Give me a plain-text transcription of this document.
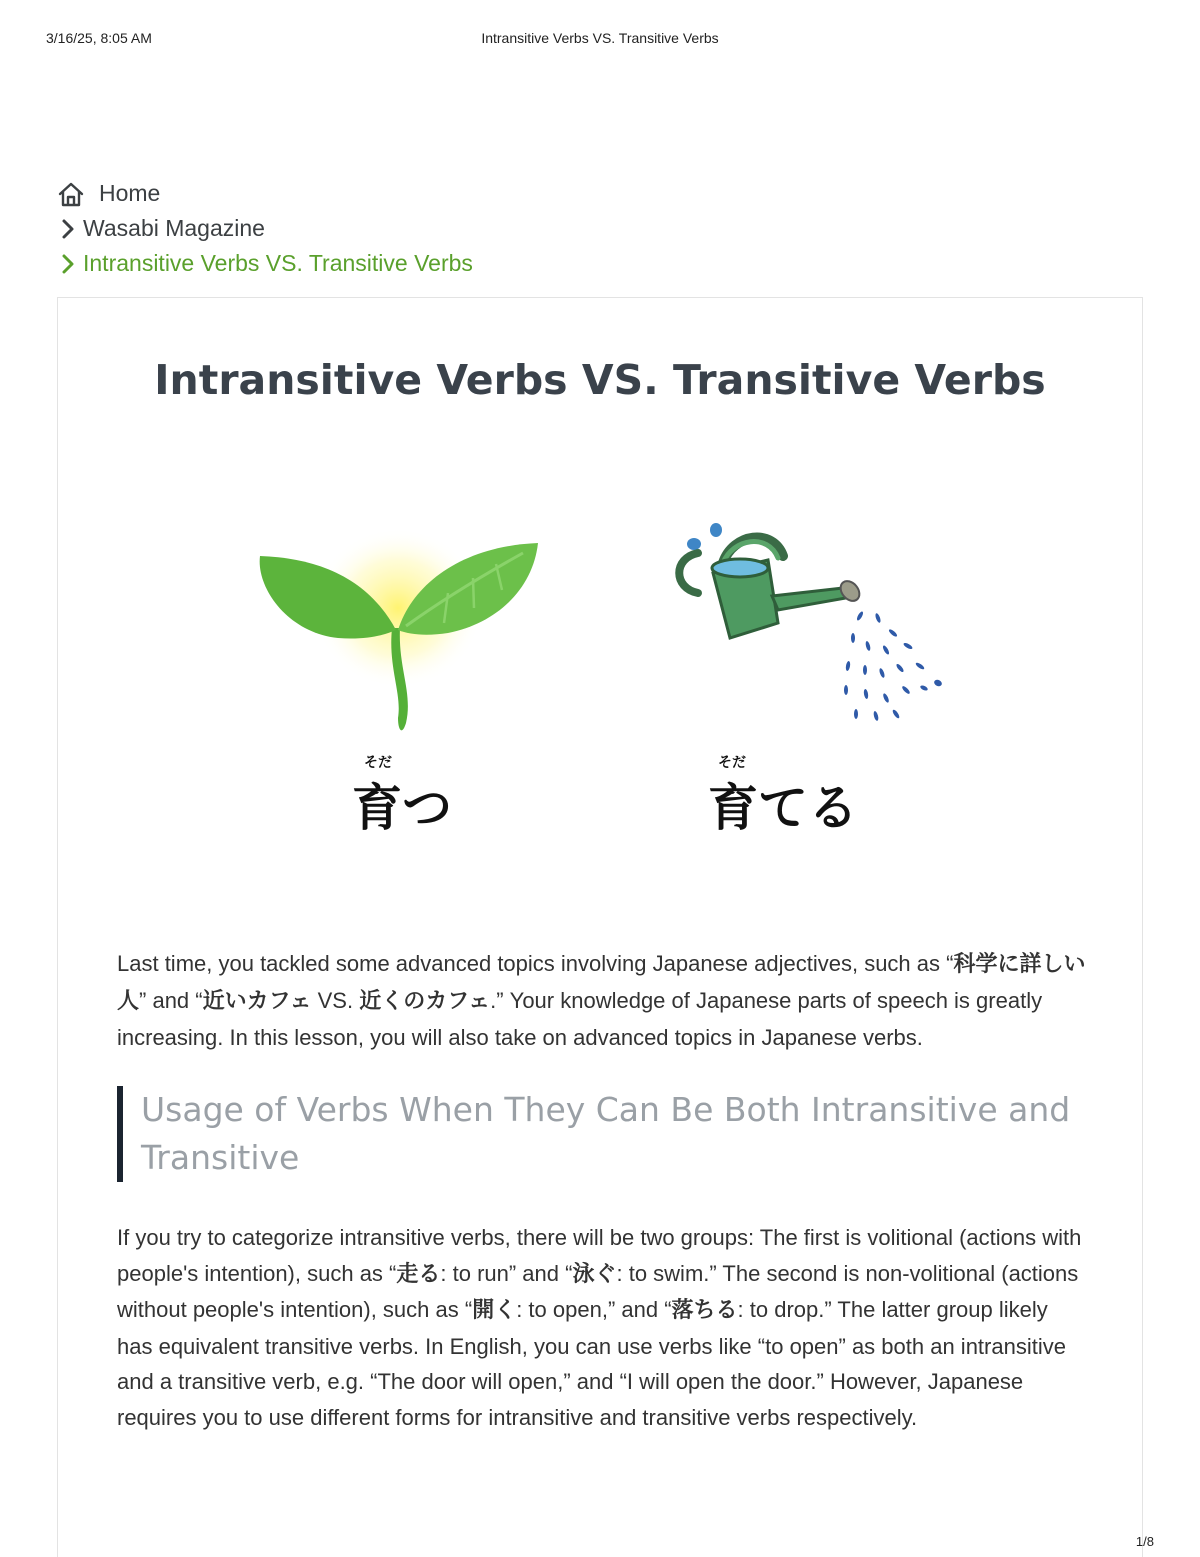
3/16/25, 8:05 AM	Intransitive Verbs VS. Transitive Verbs
Home
Wasabi Magazine
Intransitive Verbs VS. Transitive Verbs
Intransitive Verbs VS. Transitive Verbs
そだ
育つ
そだ
育てる

Last time, you tackled some advanced topics involving Japanese adjectives, such as “科学に詳しい人” and “近いカフェ VS. 近くのカフェ.” Your knowledge of Japanese parts of speech is greatly increasing. In this lesson, you will also take on advanced topics in Japanese verbs.

Usage of Verbs When They Can Be Both Intransitive and Transitive

If you try to categorize intransitive verbs, there will be two groups: The first is volitional (actions with people's intention), such as “走る: to run” and “泳ぐ: to swim.” The second is non-volitional (actions without people's intention), such as “開く: to open,” and “落ちる: to drop.” The latter group likely has equivalent transitive verbs. In English, you can use verbs like “to open” as both an intransitive and a transitive verb, e.g. “The door will open,” and “I will open the door.” However, Japanese requires you to use different forms for intransitive and transitive verbs respectively.

1/8
